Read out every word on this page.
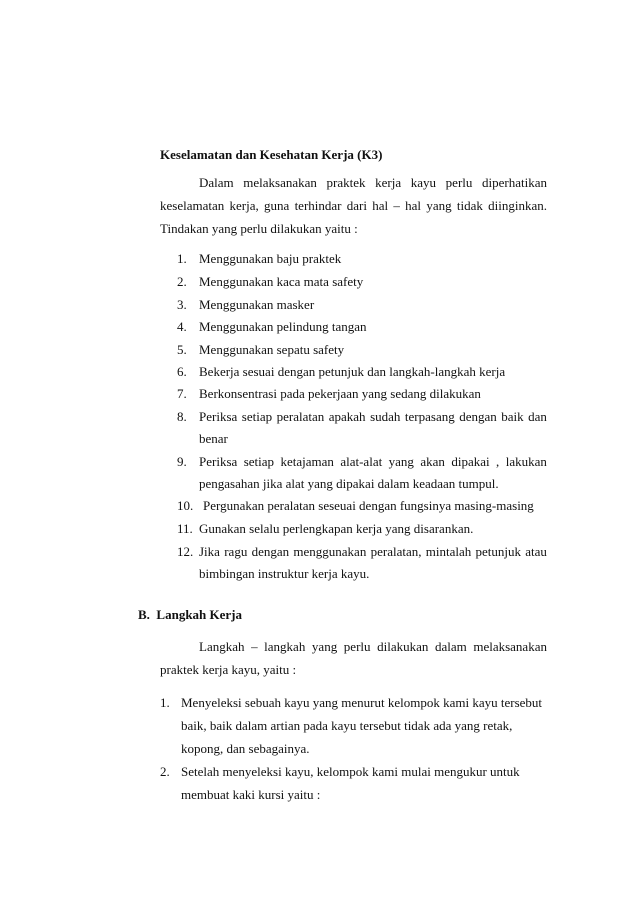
Keselamatan dan Kesehatan Kerja (K3)
Dalam melaksanakan praktek kerja kayu perlu diperhatikan
keselamatan kerja, guna terhindar dari hal – hal yang tidak diinginkan.
Tindakan yang perlu dilakukan yaitu :
1. Menggunakan baju praktek
2. Menggunakan kaca mata safety
3. Menggunakan masker
4. Menggunakan pelindung tangan
5. Menggunakan sepatu safety
6. Bekerja sesuai dengan petunjuk dan langkah-langkah kerja
7. Berkonsentrasi pada pekerjaan yang sedang dilakukan
8. Periksa setiap peralatan apakah sudah terpasang dengan baik dan
benar
9. Periksa setiap ketajaman alat-alat yang akan dipakai , lakukan
pengasahan jika alat yang dipakai dalam keadaan tumpul.
10. Pergunakan peralatan seseuai dengan fungsinya masing-masing
11. Gunakan selalu perlengkapan kerja yang disarankan.
12. Jika ragu dengan menggunakan peralatan, mintalah petunjuk atau
bimbingan instruktur kerja kayu.
B.  Langkah Kerja
Langkah – langkah yang perlu dilakukan dalam melaksanakan
praktek kerja kayu, yaitu :
1. Menyeleksi sebuah kayu yang menurut kelompok kami kayu tersebut
baik, baik dalam artian pada kayu tersebut tidak ada yang retak,
kopong, dan sebagainya.
2. Setelah menyeleksi kayu, kelompok kami mulai mengukur untuk
membuat kaki kursi yaitu :
